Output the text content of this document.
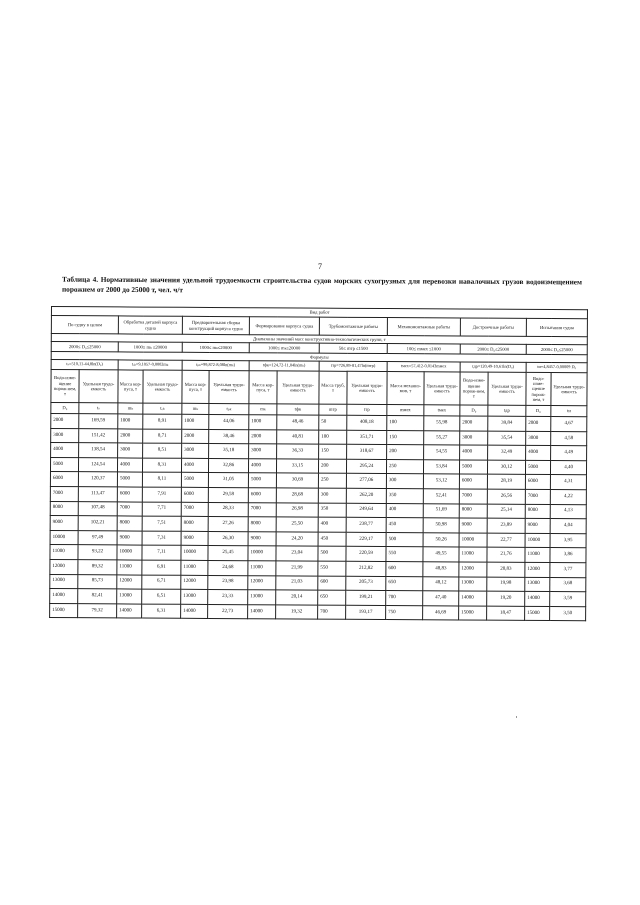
7
Таблица 4. Нормативные значения удельной трудоемкости строительства судов морских сухогрузных для перевозки навалочных грузов водоизмещением порожнем от 2000 до 25000 т, чел. ч/т
Вид работ															
По судну в целом		Обработка деталей корпуса судна		Предварительная сборка конструкций корпуса судна		Формирование корпуса судна		Трубомонтажные работы		Механомонтажные работы		Достроечные работы		Испытания судна	
Диапазоны значений масс конструктивно-технологических групп, т															
2000≤ D₀≤25000		1000≤ mₖ ≤20000		1000≤ mₖ≤20000		1000≤ mₖ≤20000		50≤ mтр ≤1500		100≤ mмех ≤1000		2000≤ D₀≤25000		2000≤ D₀≤25000	
Формулы															
tₛ=510,11-44,8ln(D₀)		tₒₖ=9,1057-0,0002mₖ		tₚₖ=99,872-8,08ln(mₖ)		tфк=124,72-11,04ln(mₖ)		tтр=726,89-81,47ln(mтр)		tмех=57,412-0,0143mмех		tдр=120,49-10,61ln(D₀)		tи=4,8457-0,00009 D₀	
Водо-изме-щение порож-нем, т	Удельная трудо-емкость	Масса кор-пуса, т	Удельная трудо-емкость	Масса кор-пуса, т	Удельная трудо-емкость	Масса кор-пуса, т	Удельная трудо-емкость	Масса труб, т	Удельная трудо-емкость	Масса механиз-мов, т	Удельная трудо-емкость	Водо-изме-щение порож-нем, т	Удельная трудо-емкость	Водо-изме-щение порож-нем, т	Удельная трудо-емкость
D₀	tₛ	mₖ	tₒₖ	mₖ	tₚₖ	mₖ	tфк	mтр	tтр	mмех	tмех	D₀	tдр	D₀	tи
2000	169,59	1000	8,91	1000	44,06	1000	48,46	50	408,18	100	55,98	2000	39,84	2000	4,67
3000	151,42	2000	8,71	2000	38,46	2000	40,81	100	351,71	150	55,27	3000	35,54	3000	4,58
4000	138,54	3000	8,51	3000	35,18	3000	36,33	150	318,67	200	54,55	4000	32,49	4000	4,49
5000	124,54	4000	8,31	4000	32,86	4000	33,15	200	295,24	250	53,84	5000	30,12	5000	4,40
6000	120,37	5000	8,11	5000	31,05	5000	30,69	250	277,06	300	53,12	6000	28,19	6000	4,31
7000	113,47	6000	7,91	6000	29,58	6000	28,68	300	262,20	350	52,41	7000	26,56	7000	4,22
8000	107,48	7000	7,71	7000	28,33	7000	26,98	350	249,64	400	51,69	8000	25,14	8000	4,13
9000	102,21	8000	7,51	8000	27,26	8000	25,50	400	238,77	450	50,98	9000	23,89	9000	4,04
10000	97,49	9000	7,31	9000	26,30	9000	24,20	450	229,17	500	50,26	10000	22,77	10000	3,95
11000	93,22	10000	7,11	10000	25,45	10000	23,04	500	220,59	550	49,55	11000	21,76	11000	3,86
12000	89,32	11000	6,91	11000	24,68	11000	21,99	550	212,82	600	48,83	12000	20,83	12000	3,77
13000	85,73	12000	6,71	12000	23,98	12000	21,03	600	205,73	650	48,12	13000	19,98	13000	3,68
14000	82,41	13000	6,51	13000	23,33	13000	20,14	650	199,21	700	47,40	14000	19,20	14000	3,59
15000	79,32	14000	6,31	14000	22,73	14000	19,32	700	193,17	750	46,69	15000	18,47	15000	3,50
